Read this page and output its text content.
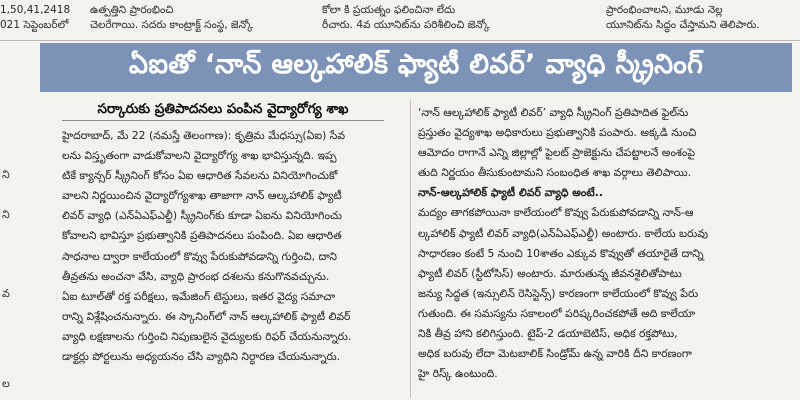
1,50,41,2418
021 సెప్టెంబర్‌లో
ఉత్పత్తిని ప్రారంభించి
చెలరేగాయి. సదరు కాంట్రాక్ట్ సంస్థ, జెన్కో
కోలా కి ప్రయత్నం ఫలించినా లేదు
రీచారు. 4వ యూనిట్‌ను పరిశీలించి జెన్కో
ప్రారంభించాలని, మూడు నెల్ల
యూనిట్‌ను సిద్ధం చేస్తామని తెలిపారు.
ని
ని
వ
ల
ఏఐతో ‘నాన్ ఆల్కహాలిక్ ఫ్యాటీ లివర్’ వ్యాధి స్క్రీనింగ్
సర్కారుకు ప్రతిపాదనలు పంపిన వైద్యారోగ్య శాఖ
హైదరాబాద్, మే 22 (నమస్తే తెలంగాణ): కృత్రిమ మేధస్సు(ఏఐ) సేవ
లను విస్తృతంగా వాడుకోవాలని వైద్యారోగ్య శాఖ భావిస్తున్నది. ఇప్ప
టికే క్యాన్సర్ స్క్రీనింగ్ కోసం ఏఐ ఆధారిత సేవలను వినియోగించుకో
వాలని నిర్ణయించిన వైద్యారోగ్యశాఖ తాజాగా నాన్ ఆల్కహాలిక్ ఫ్యాటీ
లివర్ వ్యాధి (ఎన్ఏఎఫ్ఎల్డీ) స్క్రీనింగ్‌కు కూడా ఏఐను వినియోగించు
కోవాలని భావిస్తూ ప్రభుత్వానికి ప్రతిపాదనలు పంపింది. ఏఐ ఆధారిత
సాధనాల ద్వారా కాలేయంలో కొవ్వు పేరుకుపోవడాన్ని గుర్తించి, దాని
తీవ్రతను అంచనా వేసి, వ్యాధి ప్రారంభ దశలను కనుగొనవచ్చును.
ఏఐ టూల్‌తో రక్త పరీక్షలు, ఇమేజింగ్ టెస్టులు, ఇతర వైద్య సమాచా
రాన్ని విశ్లేషించనున్నారు. ఈ స్కానింగ్‌లో నాన్ ఆల్కహాలిక్ ఫ్యాటీ లివర్
వ్యాధి లక్షణాలను గుర్తించి నిపుణులైన వైద్యులకు రిఫర్ చేయనున్నారు.
డాక్టర్లు పోర్టలును అధ్యయనం చేసి వ్యాధిని నిర్ధారణ చేయనున్నారు.
‘నాన్ ఆల్కహాలిక్ ఫ్యాటీ లివర్’ వ్యాధి స్క్రీనింగ్ ప్రతిపాదిత ఫైల్‌ను
ప్రస్తుతం వైద్యశాఖ అధికారులు ప్రభుత్వానికి పంపారు. అక్కడి నుంచి
ఆమోదం రాగానే ఎన్ని జిల్లాల్లో పైలట్ ప్రాజెక్టును చేపట్టాలనే అంశంపై
తుది నిర్ణయం తీసుకుంటామని సంబంధిత శాఖ వర్గాలు తెలిపాయి.
నాన్-ఆల్కహాలిక్ ఫ్యాటీ లివర్ వ్యాధి అంటే..
మద్యం తాగకపోయినా కాలేయంలో కొవ్వు పేరుకుపోవడాన్ని నాన్-ఆ
ల్కహాలిక్ ఫ్యాటీ లివర్ వ్యాధి(ఎన్ఏఎఫ్ఎల్డీ) అంటారు. కాలేయ బరువు
సాధారణం కంటే 5 నుంచి 10శాతం ఎక్కువ కొవ్వుతో తయారైతే దాన్ని
ఫ్యాటీ లివర్ (స్టీటోసిస్) అంటారు. మారుతున్న జీవనశైలితోపాటు
జన్యు సిద్ధత (ఇన్సులిన్ రెసిస్టెన్స్) కారణంగా కాలేయంలో కొవ్వు పేరు
గుతుంది. ఈ సమస్యను సకాలంలో పరిష్కరించకపోతే అది కాలేయా
నికి తీవ్ర హాని కలిగిస్తుంది. టైప్-2 డయాబెటిస్, అధిక రక్తపోటు,
అధిక బరువు లేదా మెటబాలిక్ సిండ్రోమ్ ఉన్న వారికి దీని కారణంగా
హై రిస్క్ ఉంటుంది.
